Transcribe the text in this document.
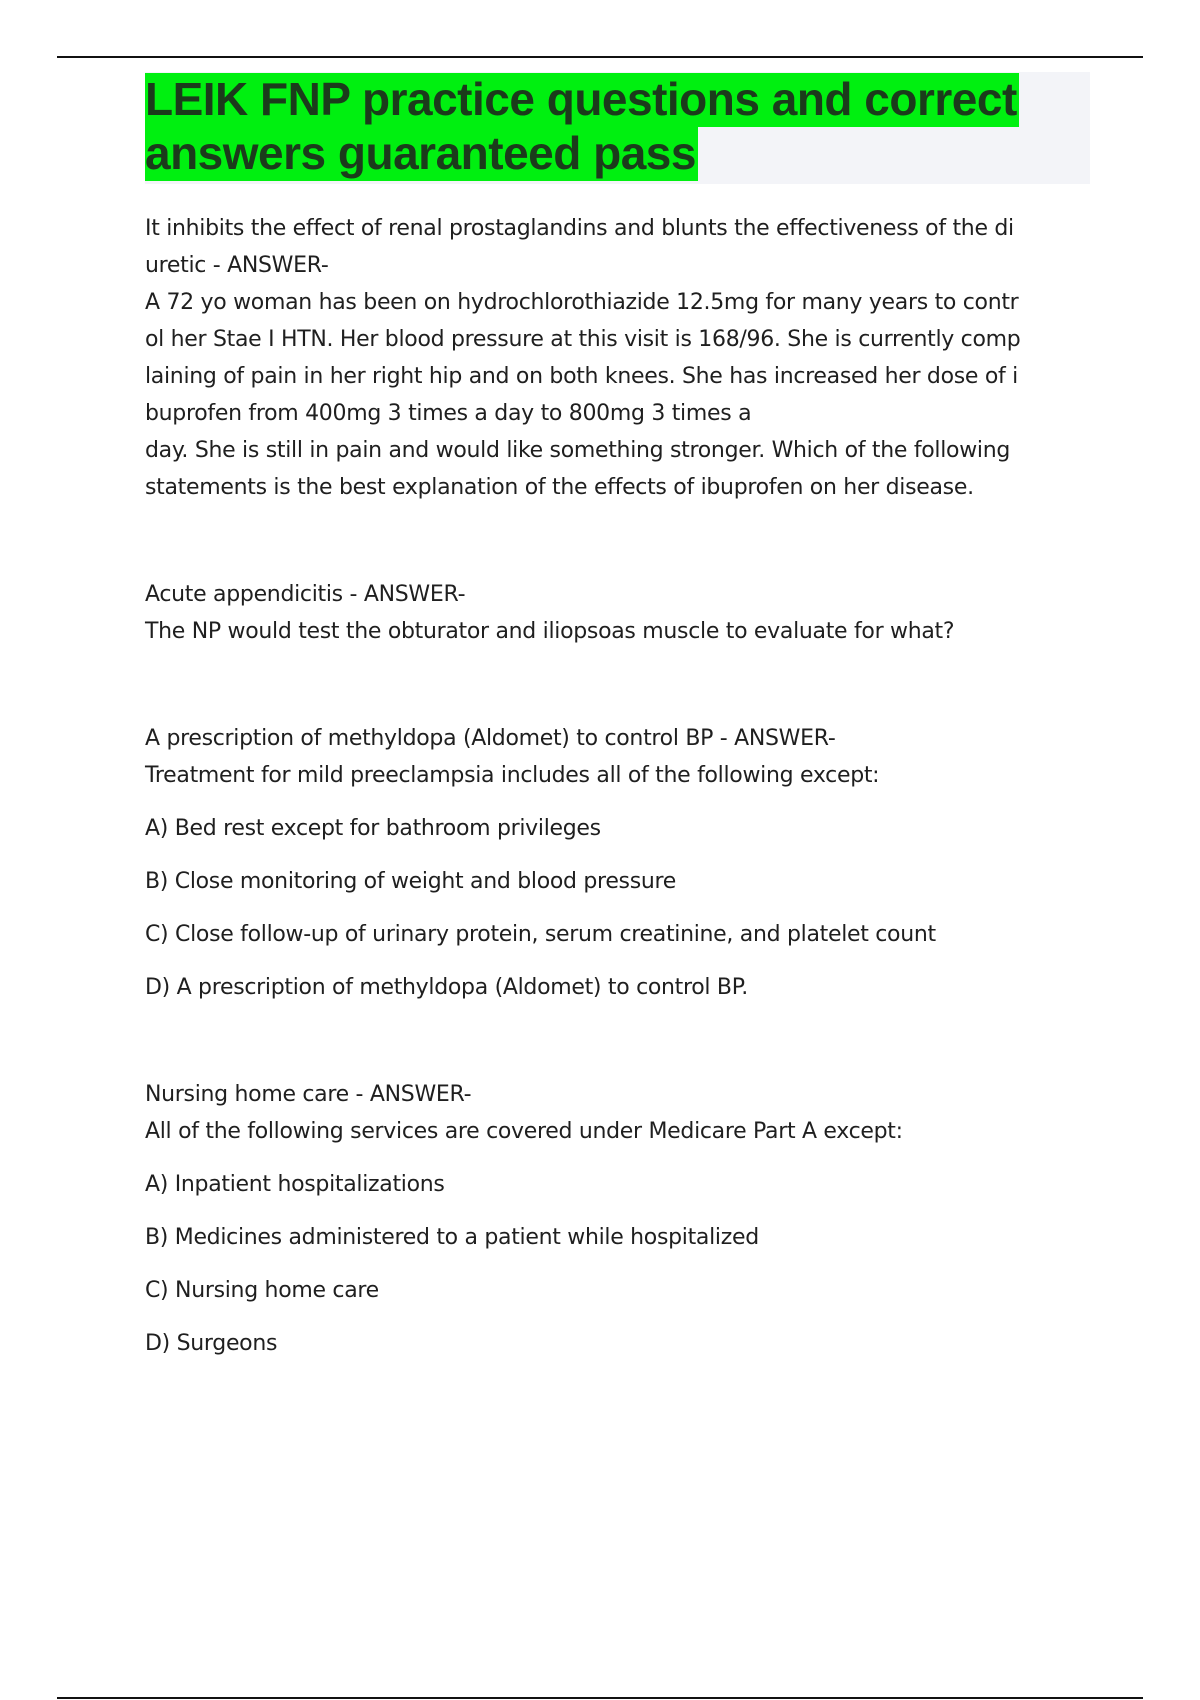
LEIK FNP practice questions and correct
answers guaranteed pass
It inhibits the effect of renal prostaglandins and blunts the effectiveness of the di
uretic - ANSWER-
A 72 yo woman has been on hydrochlorothiazide 12.5mg for many years to contr
ol her Stae I HTN. Her blood pressure at this visit is 168/96. She is currently comp
laining of pain in her right hip and on both knees. She has increased her dose of i
buprofen from 400mg 3 times a day to 800mg 3 times a
day. She is still in pain and would like something stronger. Which of the following
statements is the best explanation of the effects of ibuprofen on her disease.
Acute appendicitis - ANSWER-
The NP would test the obturator and iliopsoas muscle to evaluate for what?
A prescription of methyldopa (Aldomet) to control BP - ANSWER-
Treatment for mild preeclampsia includes all of the following except:
A) Bed rest except for bathroom privileges
B) Close monitoring of weight and blood pressure
C) Close follow-up of urinary protein, serum creatinine, and platelet count
D) A prescription of methyldopa (Aldomet) to control BP.
Nursing home care - ANSWER-
All of the following services are covered under Medicare Part A except:
A) Inpatient hospitalizations
B) Medicines administered to a patient while hospitalized
C) Nursing home care
D) Surgeons
